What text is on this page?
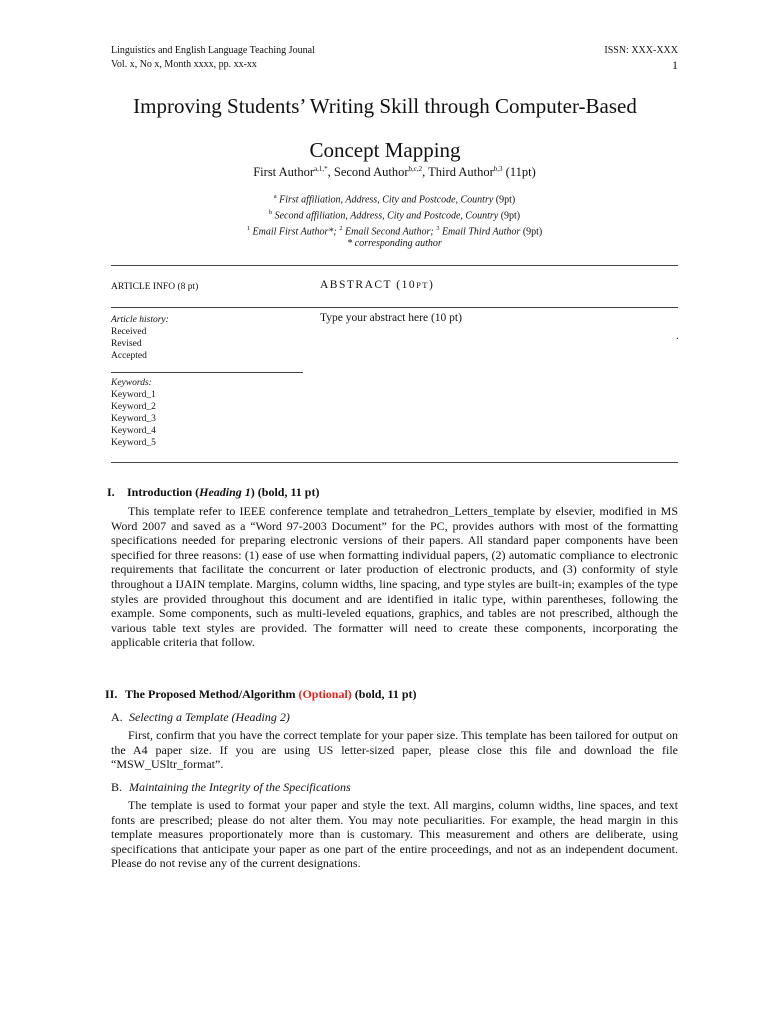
Linguistics and English Language Teaching Jounal	ISSN: XXX-XXX
Vol. x, No x, Month xxxx, pp. xx-xx	1
Improving Students’ Writing Skill through Computer-Based
Concept Mapping
First Author$^{a,1,*}$, Second Author$^{b,c,2}$, Third Author$^{b,3}$ (11pt)
$^a$ First affiliation, Address, City and Postcode, Country (9pt)
$^b$ Second affiliation, Address, City and Postcode, Country (9pt)
$^1$ Email First Author*; $^2$ Email Second Author; $^3$ Email Third Author (9pt)
* corresponding author
ARTICLE INFO (8 pt)	ABSTRACT (10PT)
Article history:
Received
Revised
Accepted
Type your abstract here (10 pt)
.
Keywords:
Keyword_1
Keyword_2
Keyword_3
Keyword_4
Keyword_5
I. Introduction (Heading 1) (bold, 11 pt)
This template refer to IEEE conference template and tetrahedron_Letters_template by elsevier, modified in MS Word 2007 and saved as a “Word 97-2003 Document” for the PC, provides authors with most of the formatting specifications needed for preparing electronic versions of their papers. All standard paper components have been specified for three reasons: (1) ease of use when formatting individual papers, (2) automatic compliance to electronic requirements that facilitate the concurrent or later production of electronic products, and (3) conformity of style throughout a IJAIN template. Margins, column widths, line spacing, and type styles are built-in; examples of the type styles are provided throughout this document and are identified in italic type, within parentheses, following the example. Some components, such as multi-leveled equations, graphics, and tables are not prescribed, although the various table text styles are provided. The formatter will need to create these components, incorporating the applicable criteria that follow.
II. The Proposed Method/Algorithm (Optional) (bold, 11 pt)
A. Selecting a Template (Heading 2)
First, confirm that you have the correct template for your paper size. This template has been tailored for output on the A4 paper size. If you are using US letter-sized paper, please close this file and download the file “MSW_USltr_format”.
B. Maintaining the Integrity of the Specifications
The template is used to format your paper and style the text. All margins, column widths, line spaces, and text fonts are prescribed; please do not alter them. You may note peculiarities. For example, the head margin in this template measures proportionately more than is customary. This measurement and others are deliberate, using specifications that anticipate your paper as one part of the entire proceedings, and not as an independent document. Please do not revise any of the current designations.
